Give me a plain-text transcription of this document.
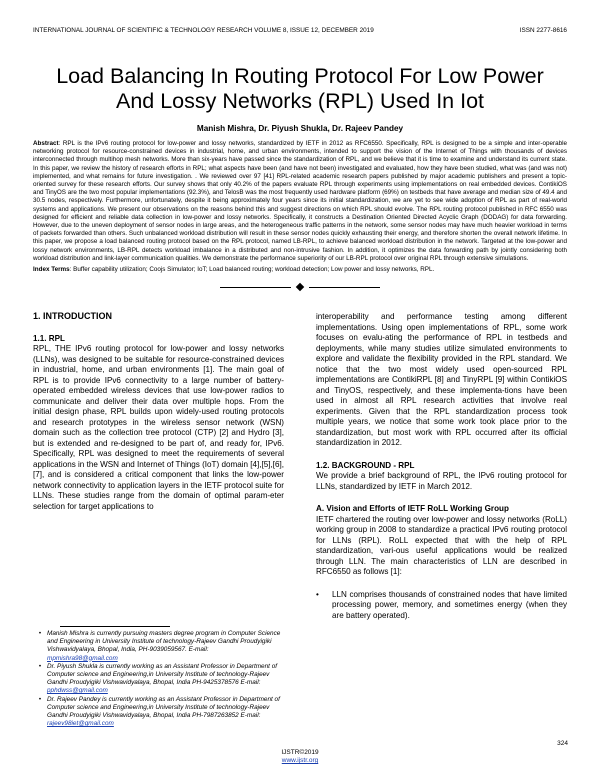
INTERNATIONAL JOURNAL OF SCIENTIFIC & TECHNOLOGY RESEARCH VOLUME 8, ISSUE 12, DECEMBER 2019	ISSN 2277-8616
Load Balancing In Routing Protocol For Low Power And Lossy Networks (RPL) Used In Iot
Manish Mishra, Dr. Piyush Shukla, Dr. Rajeev Pandey
Abstract: RPL is the IPv6 routing protocol for low-power and lossy networks, standardized by IETF in 2012 as RFC6550. Specifically, RPL is designed to be a simple and inter-operable networking protocol for resource-constrained devices in industrial, home, and urban environments, intended to support the vision of the Internet of Things with thousands of devices interconnected through multihop mesh networks. More than six-years have passed since the standardization of RPL, and we believe that it is time to examine and understand its current state. In this paper, we review the history of research efforts in RPL; what aspects have been (and have not been) investigated and evaluated, how they have been studied, what was (and was not) implemented, and what remains for future investigation. . We reviewed over 97 [41] RPL-related academic research papers published by major academic publishers and present a topic-oriented survey for these research efforts. Our survey shows that only 40.2% of the papers evaluate RPL through experiments using implementations on real embedded devices. ContikiOS and TinyOS are the two most popular implementations (92.3%), and TelosB was the most frequently used hardware platform (69%) on testbeds that have average and median size of 49.4 and 30.5 nodes, respectively. Furthermore, unfortunately, despite it being approximately four years since its initial standardization, we are yet to see wide adoption of RPL as part of real-world systems and applications. We present our observations on the reasons behind this and suggest directions on which RPL should evolve. The RPL routing protocol published in RFC 6550 was designed for efficient and reliable data collection in low-power and lossy networks. Specifically, it constructs a Destination Oriented Directed Acyclic Graph (DODAG) for data forwarding. However, due to the uneven deployment of sensor nodes in large areas, and the heterogeneous traffic patterns in the network, some sensor nodes may have much heavier workload in terms of packets forwarded than others. Such unbalanced workload distribution will result in these sensor nodes quickly exhausting their energy, and therefore shorten the overall network lifetime. In this paper, we propose a load balanced routing protocol based on the RPL protocol, named LB-RPL, to achieve balanced workload distribution in the network. Targeted at the low-power and lossy network environments, LB-RPL detects workload imbalance in a distributed and non-intrusive fashion. In addition, it optimizes the data forwarding path by jointly considering both workload distribution and link-layer communication qualities. We demonstrate the performance superiority of our LB-RPL protocol over original RPL through extensive simulations.
Index Terms: Buffer capability utilization; Coojs Simulator; IoT; Load balanced routing; workload detection; Low power and lossy networks, RPL.
1. INTRODUCTION
1.1. RPL

RPL, THE IPv6 routing protocol for low-power and lossy networks (LLNs), was designed to be suitable for resource-constrained devices in industrial, home, and urban environments [1]. The main goal of RPL is to provide IPv6 connectivity to a large number of battery-operated embedded wireless devices that use low-power radios to communicate and deliver their data over multiple hops. From the initial design phase, RPL builds upon widely-used routing protocols and research prototypes in the wireless sensor network (WSN) domain such as the collection tree protocol (CTP) [2] and Hydro [3], but is extended and re-designed to be part of, and ready for, IPv6. Specifically, RPL was designed to meet the requirements of several applications in the WSN and Internet of Things (IoT) domain [4],[5],[6],[7], and is considered a critical component that links the low-power network connectivity to application layers in the IETF protocol suite for LLNs. These studies range from the domain of optimal param-eter selection for target applications to

• Manish Mishra is currently pursuing masters degree program in Computer Science and Engineering in University Institute of technology-Rajeev Gandhi Proudyigiki Vishwavidyalaya, Bhopal, India, PH-9039059567. E-mail:
mpmishra98@gmail.com
• Dr. Piyush Shukla is currently working as an Assistant Professor in Department of Computer science and Engineering,in University Institute of technology-Rajeev Gandhi Proudyigiki Vishwavidyalaya, Bhopal, India PH-9425378576 E-mail: pphdwss@gmail.com
• Dr. Rajeev Pandey is currently working as an Assistant Professor in Department of Computer science and Engineering,in University Institute of technology-Rajeev Gandhi Proudyigiki Vishwavidyalaya, Bhopal, India PH-7987263852 E-mail: rajeev98iet@gmail.com

interoperability and performance testing among different implementations. Using open implementations of RPL, some work focuses on evalu-ating the performance of RPL in testbeds and deployments, while many studies utilize simulated environments to explore and validate the flexibility provided in the RPL standard. We notice that the two most widely used open-sourced RPL implementations are ContikiRPL [8] and TinyRPL [9] within ContikiOS and TinyOS, respectively, and these implementa-tions have been used in almost all RPL research activities that involve real experiments. Given that the RPL standardization process took multiple years, we notice that some work took place prior to the standardization, but most work with RPL occurred after its official standardization in 2012.

1.2. BACKGROUND - RPL

We provide a brief background of RPL, the IPv6 routing protocol for LLNs, standardized by IETF in March 2012.

A. Vision and Efforts of IETF RoLL Working Group

IETF chartered the routing over low-power and lossy networks (RoLL) working group in 2008 to standardize a practical IPv6 routing protocol for LLNs (RPL). RoLL expected that with the help of RPL standardization, vari-ous useful applications would be realized through LLN. The main characteristics of LLN are described in RFC6550 as follows [1]:

•	LLN comprises thousands of constrained nodes that have limited processing power, memory, and sometimes energy (when they are battery operated).
324
IJSTR©2019
www.ijstr.org
